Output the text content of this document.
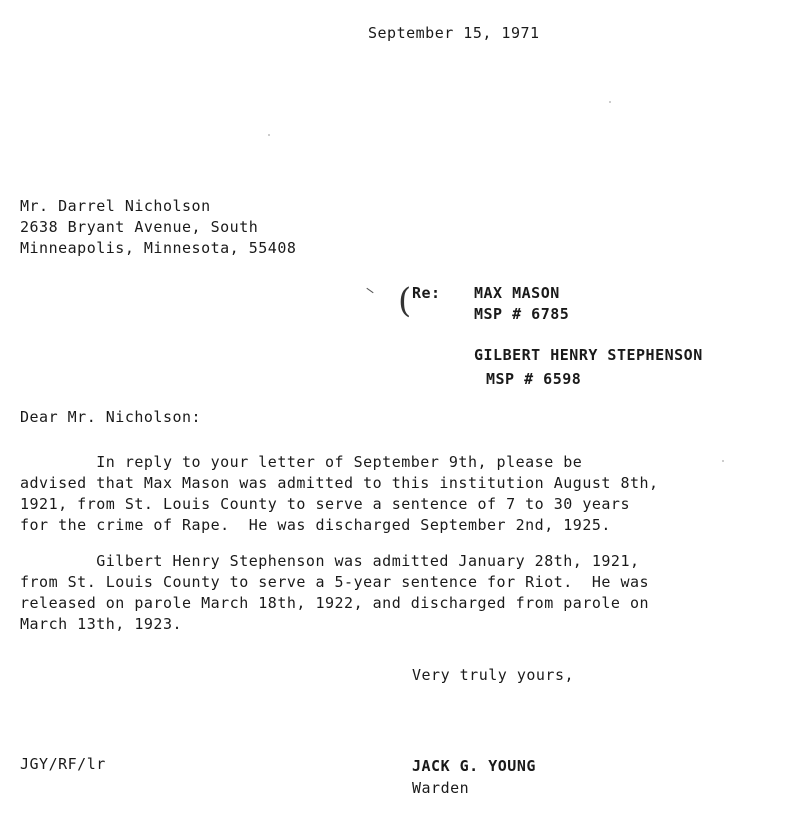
September 15, 1971
Mr. Darrel Nicholson
2638 Bryant Avenue, South
Minneapolis, Minnesota, 55408
( Re: MAX MASON
MSP # 6785
GILBERT HENRY STEPHENSON
MSP # 6598
Dear Mr. Nicholson:
In reply to your letter of September 9th, please be
advised that Max Mason was admitted to this institution August 8th,
1921, from St. Louis County to serve a sentence of 7 to 30 years
for the crime of Rape.  He was discharged September 2nd, 1925.
Gilbert Henry Stephenson was admitted January 28th, 1921,
from St. Louis County to serve a 5-year sentence for Riot.  He was
released on parole March 18th, 1922, and discharged from parole on
March 13th, 1923.
Very truly yours,
JGY/RF/lr	JACK G. YOUNG
Warden
